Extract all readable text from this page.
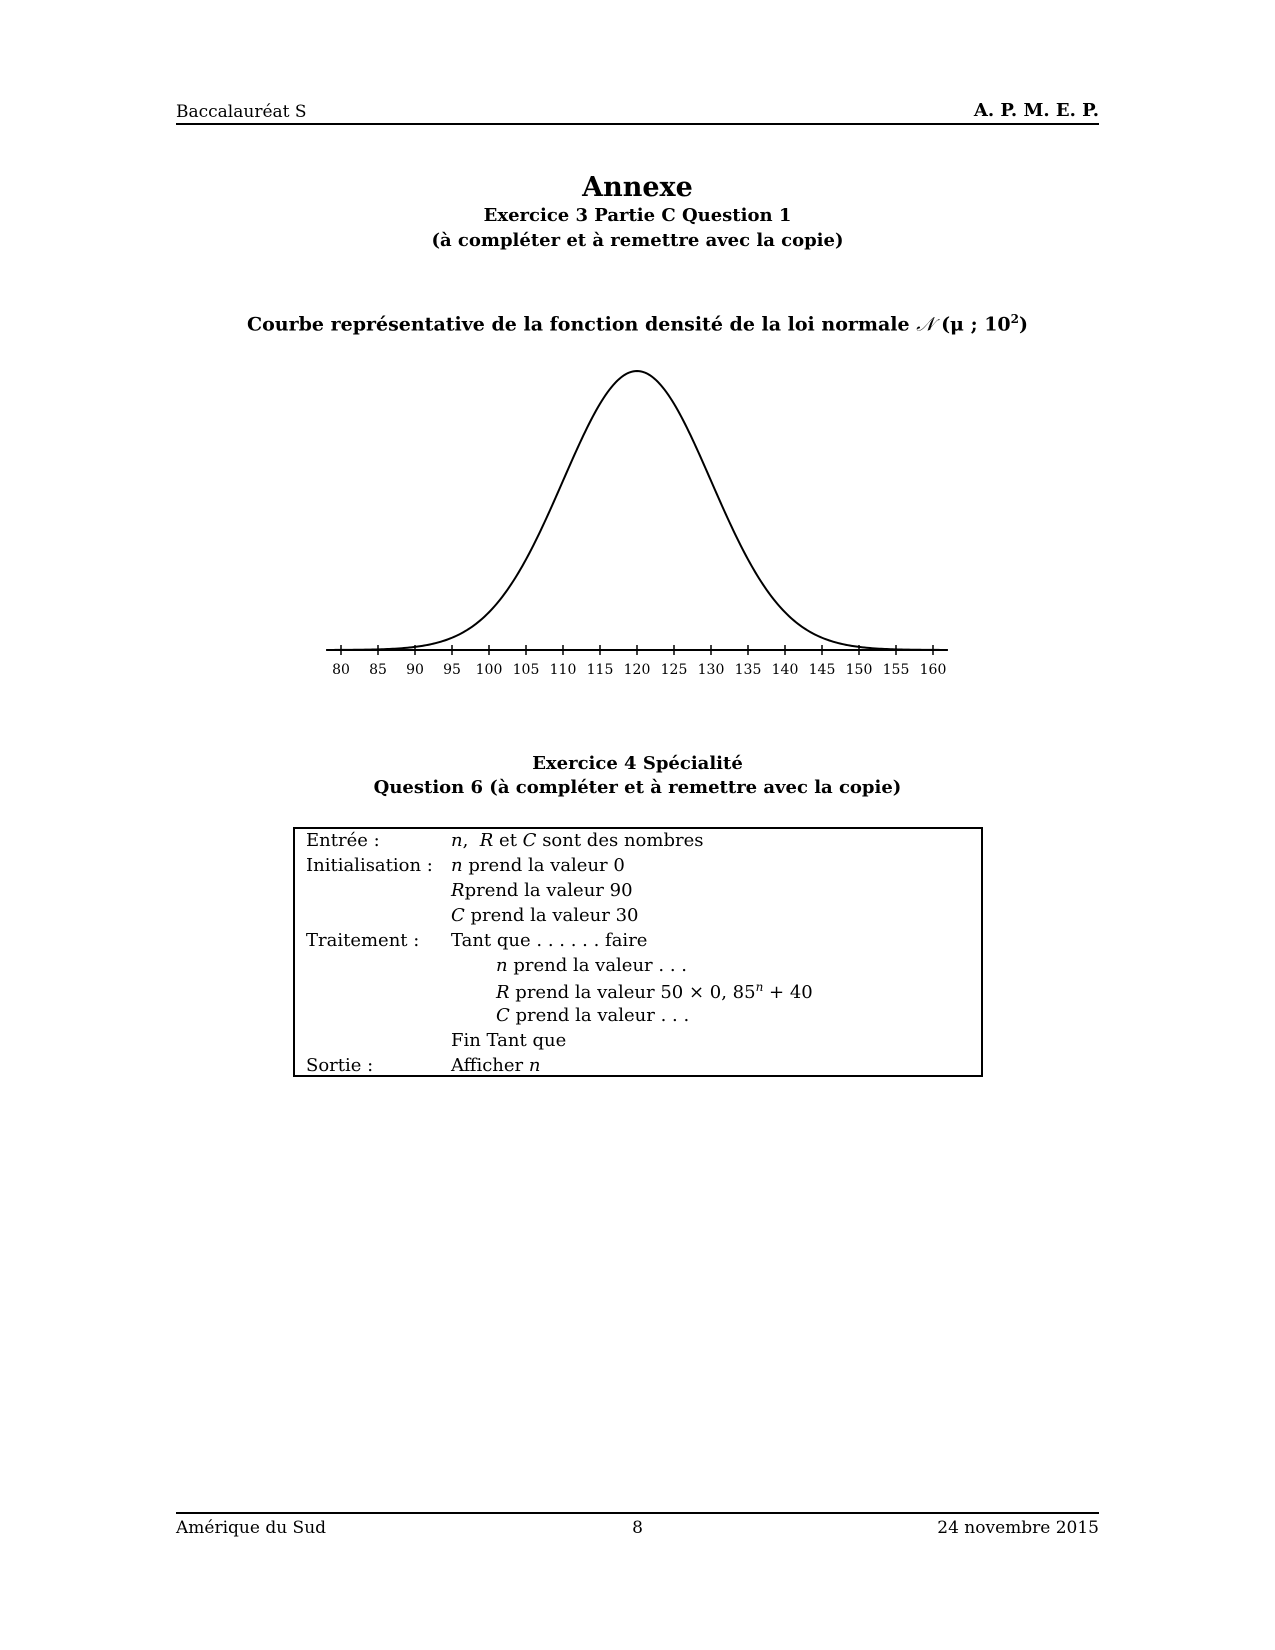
Baccalauréat S	A. P. M. E. P.
Annexe
Exercice 3 Partie C Question 1
(à compléter et à remettre avec la copie)
Courbe représentative de la fonction densité de la loi normale 𝒩 (μ ; $10^2$)
80 85 90 95 100 105 110 115 120 125 130 135 140 145 150 155 160
Exercice 4 Spécialité
Question 6 (à compléter et à remettre avec la copie)
Entrée :	n,  R et C sont des nombres
Initialisation : n prend la valeur 0
Rprend la valeur 90
C prend la valeur 30
Traitement : Tant que . . . . . . faire
n prend la valeur . . .
R prend la valeur 50 × 0, $85^n + 40$
C prend la valeur . . .
Fin Tant que
Sortie :	Afficher n
Amérique du Sud	8	24 novembre 2015
